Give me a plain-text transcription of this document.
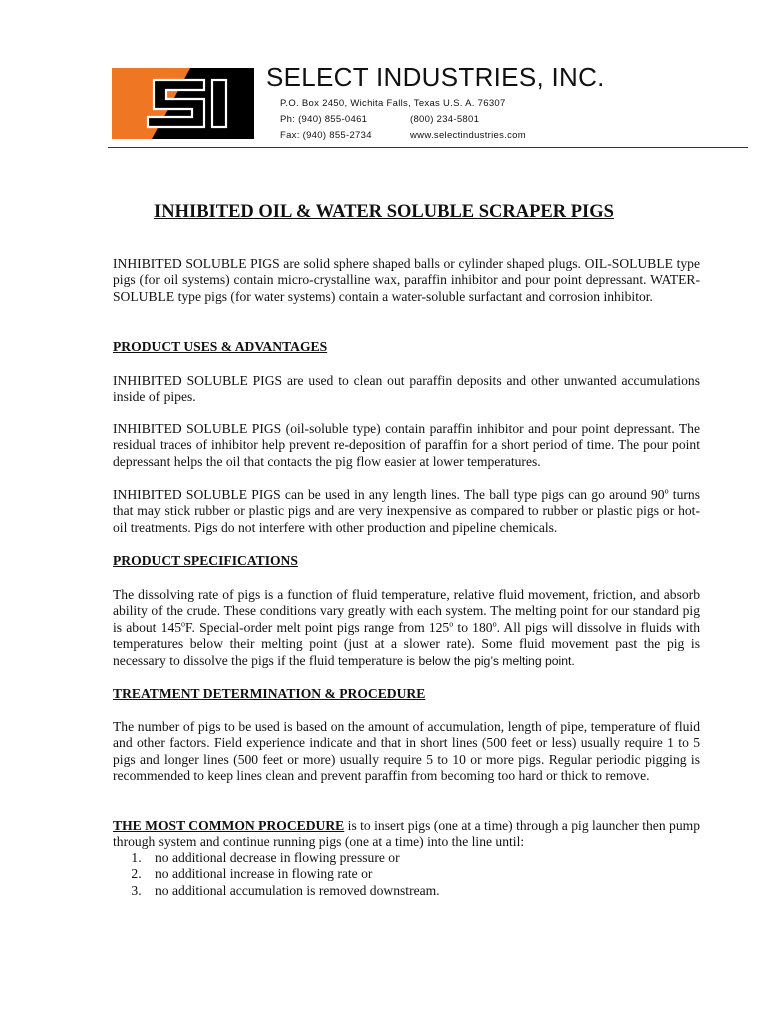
SELECT INDUSTRIES, INC.
P.O. Box 2450, Wichita Falls, Texas U.S. A. 76307
Ph: (940) 855-0461	(800) 234-5801
Fax: (940) 855-2734	www.selectindustries.com
INHIBITED OIL & WATER SOLUBLE SCRAPER PIGS
INHIBITED SOLUBLE PIGS are solid sphere shaped balls or cylinder shaped plugs. OIL-SOLUBLE type pigs (for oil systems) contain micro-crystalline wax, paraffin inhibitor and pour point depressant. WATER-SOLUBLE type pigs (for water systems) contain a water-soluble surfactant and corrosion inhibitor.
PRODUCT USES & ADVANTAGES
INHIBITED SOLUBLE PIGS are used to clean out paraffin deposits and other unwanted accumulations inside of pipes.
INHIBITED SOLUBLE PIGS (oil-soluble type) contain paraffin inhibitor and pour point depressant. The residual traces of inhibitor help prevent re-deposition of paraffin for a short period of time. The pour point depressant helps the oil that contacts the pig flow easier at lower temperatures.
INHIBITED SOLUBLE PIGS can be used in any length lines. The ball type pigs can go around 90$^o$ turns that may stick rubber or plastic pigs and are very inexpensive as compared to rubber or plastic pigs or hot-oil treatments. Pigs do not interfere with other production and pipeline chemicals.
PRODUCT SPECIFICATIONS
The dissolving rate of pigs is a function of fluid temperature, relative fluid movement, friction, and absorb ability of the crude. These conditions vary greatly with each system. The melting point for our standard pig is about 145$^o$F. Special-order melt point pigs range from 125$^o$ to 180$^o$. All pigs will dissolve in fluids with temperatures below their melting point (just at a slower rate). Some fluid movement past the pig is necessary to dissolve the pigs if the fluid temperature is below the pig’s melting point.
TREATMENT DETERMINATION & PROCEDURE
The number of pigs to be used is based on the amount of accumulation, length of pipe, temperature of fluid and other factors. Field experience indicate and that in short lines (500 feet or less) usually require 1 to 5 pigs and longer lines (500 feet or more) usually require 5 to 10 or more pigs. Regular periodic pigging is recommended to keep lines clean and prevent paraffin from becoming too hard or thick to remove.
THE MOST COMMON PROCEDURE is to insert pigs (one at a time) through a pig launcher then pump through system and continue running pigs (one at a time) into the line until:
1. no additional decrease in flowing pressure or
2. no additional increase in flowing rate or
3. no additional accumulation is removed downstream.
